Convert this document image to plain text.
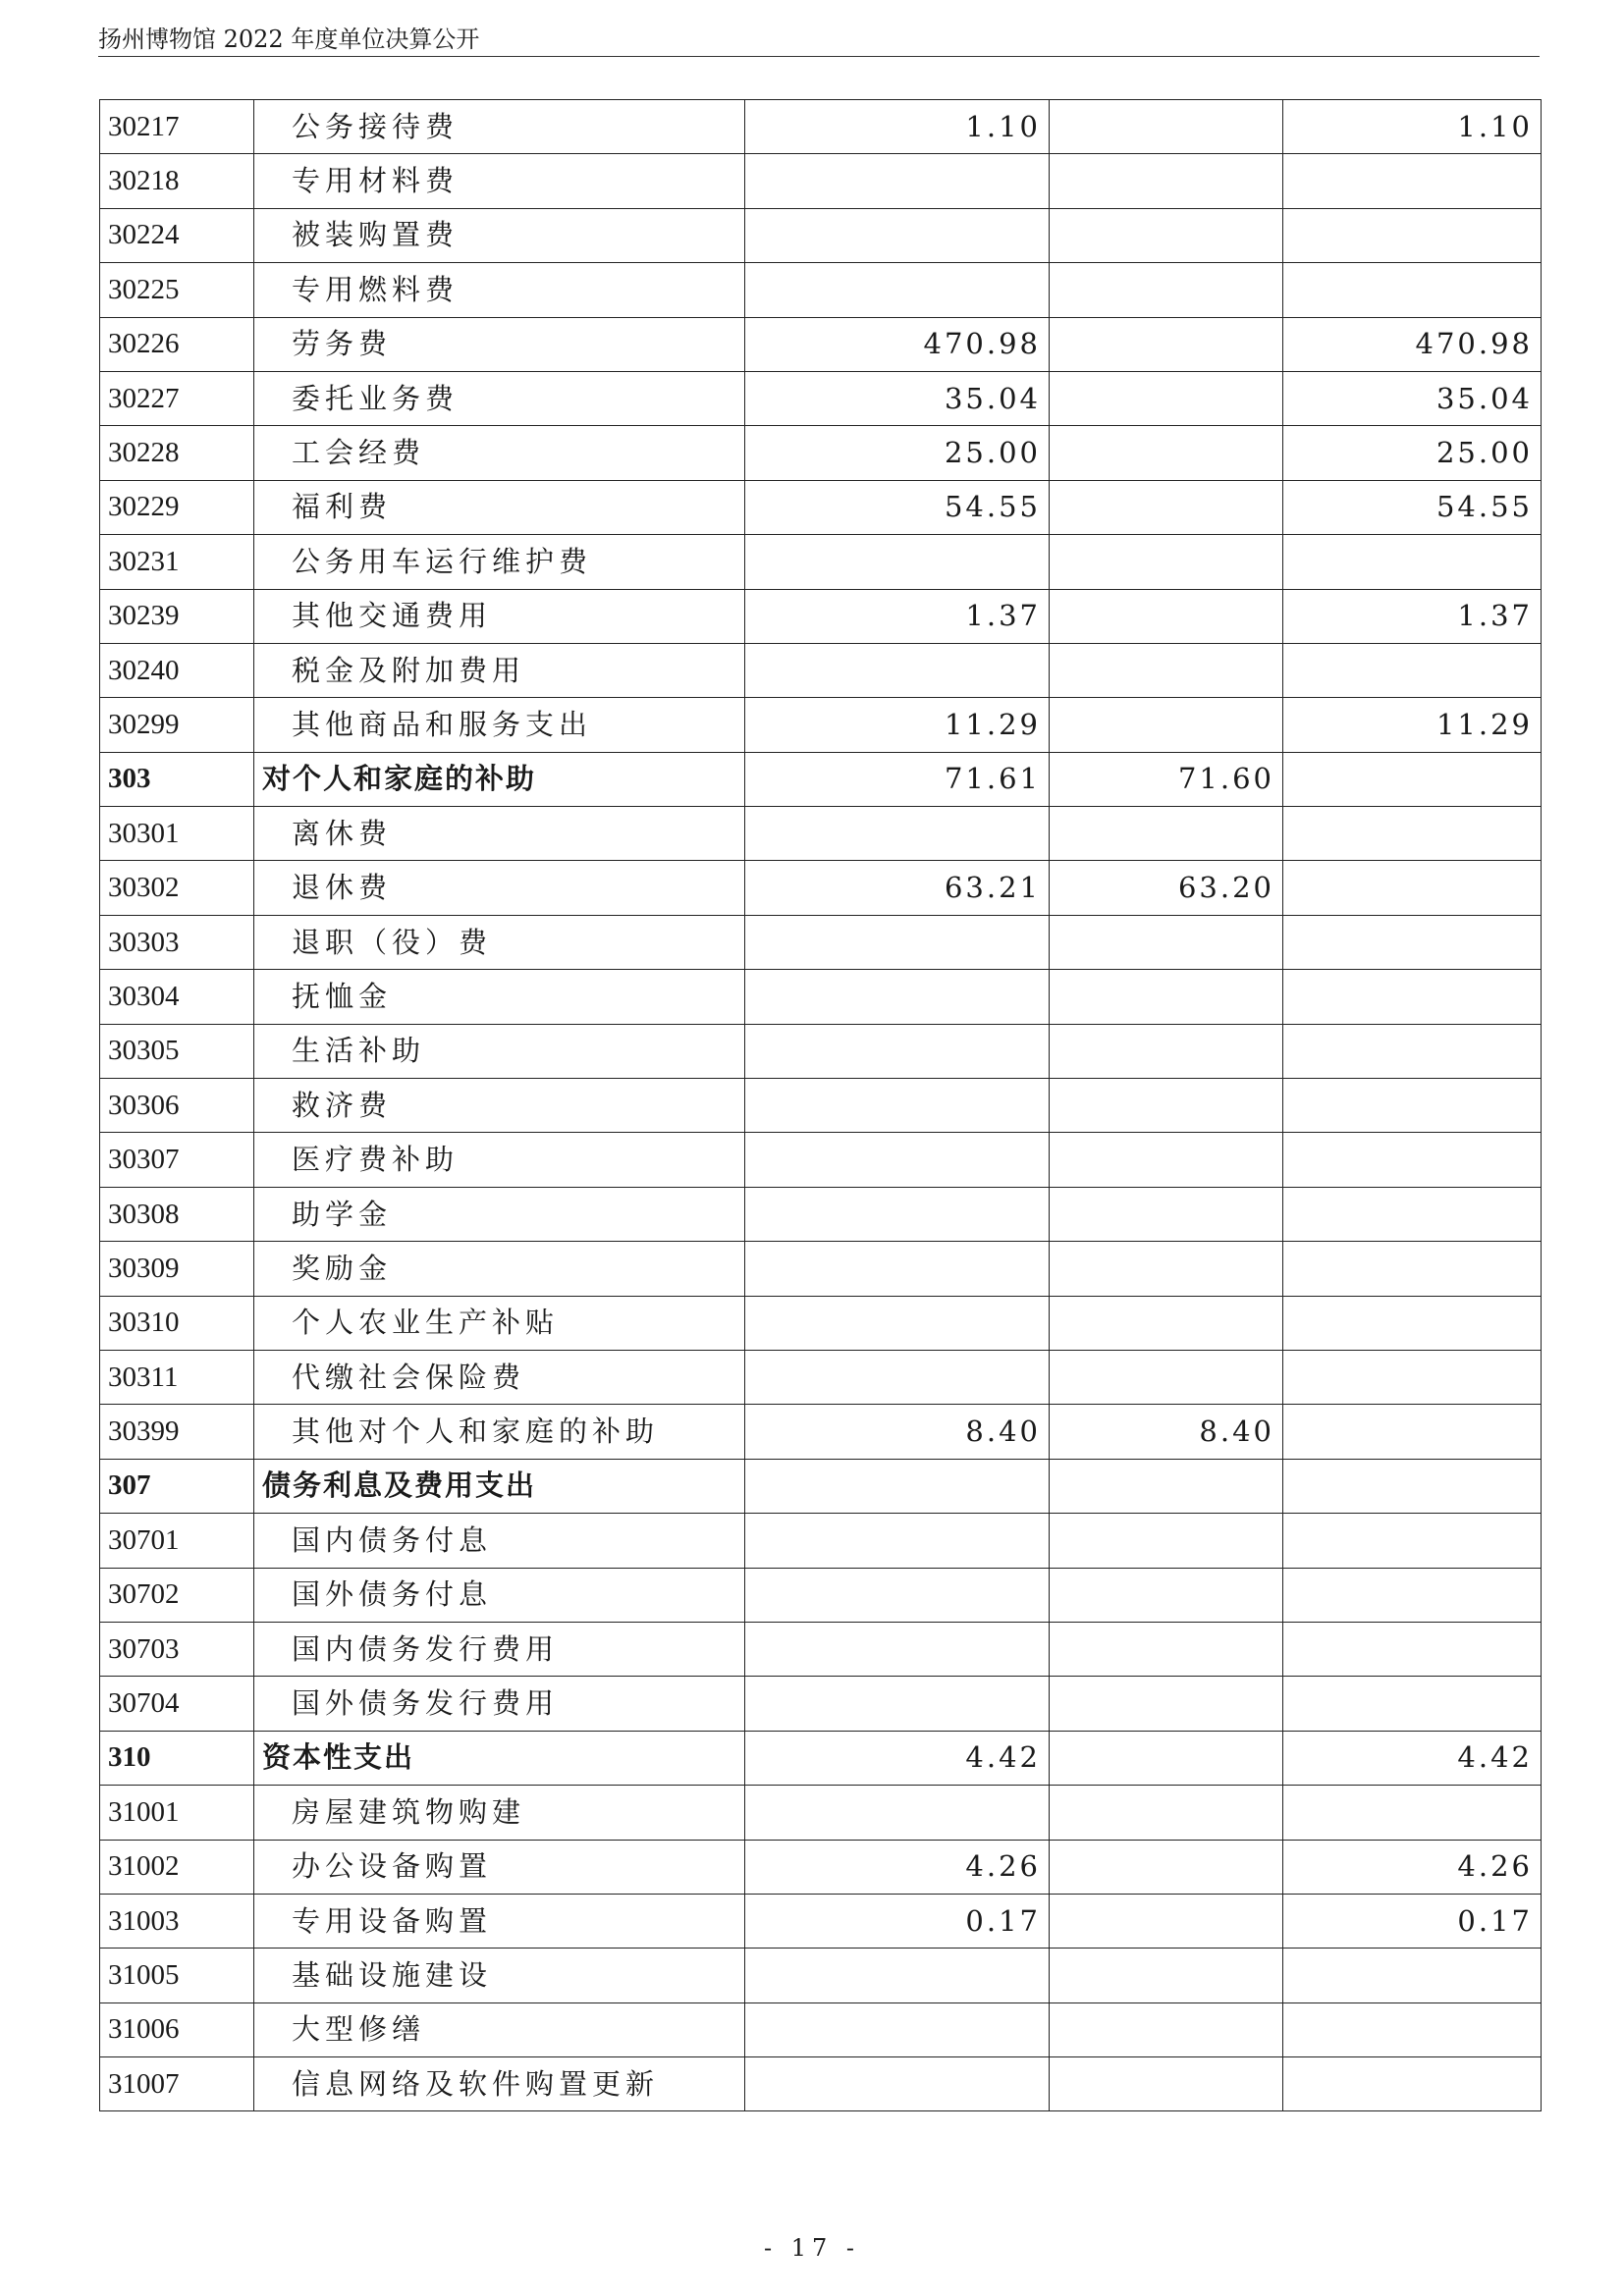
扬州博物馆 2022 年度单位决算公开
30217	公务接待费	1.10		1.10
30218	专用材料费			
30224	被装购置费			
30225	专用燃料费			
30226	劳务费	470.98		470.98
30227	委托业务费	35.04		35.04
30228	工会经费	25.00		25.00
30229	福利费	54.55		54.55
30231	公务用车运行维护费			
30239	其他交通费用	1.37		1.37
30240	税金及附加费用			
30299	其他商品和服务支出	11.29		11.29
303	对个人和家庭的补助	71.61	71.60	
30301	离休费			
30302	退休费	63.21	63.20	
30303	退职（役）费			
30304	抚恤金			
30305	生活补助			
30306	救济费			
30307	医疗费补助			
30308	助学金			
30309	奖励金			
30310	个人农业生产补贴			
30311	代缴社会保险费			
30399	其他对个人和家庭的补助	8.40	8.40	
307	债务利息及费用支出			
30701	国内债务付息			
30702	国外债务付息			
30703	国内债务发行费用			
30704	国外债务发行费用			
310	资本性支出	4.42		4.42
31001	房屋建筑物购建			
31002	办公设备购置	4.26		4.26
31003	专用设备购置	0.17		0.17
31005	基础设施建设			
31006	大型修缮			
31007	信息网络及软件购置更新			
- 17 -
